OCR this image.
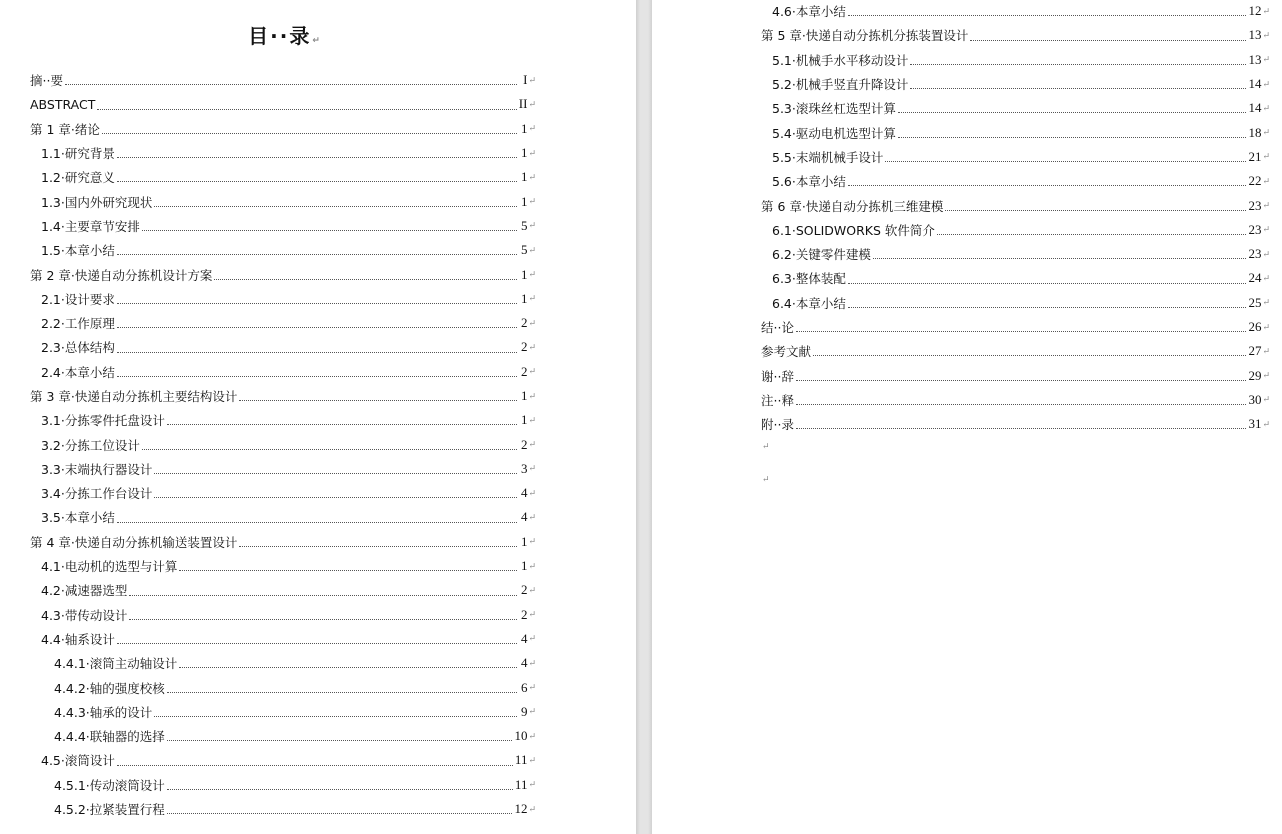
目··录↵
摘··要	I ↵
ABSTRACT	II ↵
第 1 章·绪论	1 ↵
1.1·研究背景	1 ↵
1.2·研究意义	1 ↵
1.3·国内外研究现状	1 ↵
1.4·主要章节安排	5 ↵
1.5·本章小结	5 ↵
第 2 章·快递自动分拣机设计方案	1 ↵
2.1·设计要求	1 ↵
2.2·工作原理	2 ↵
2.3·总体结构	2 ↵
2.4·本章小结	2 ↵
第 3 章·快递自动分拣机主要结构设计	1 ↵
3.1·分拣零件托盘设计	1 ↵
3.2·分拣工位设计	2 ↵
3.3·末端执行器设计	3 ↵
3.4·分拣工作台设计	4 ↵
3.5·本章小结	4 ↵
第 4 章·快递自动分拣机输送装置设计	1 ↵
4.1·电动机的选型与计算	1 ↵
4.2·减速器选型	2 ↵
4.3·带传动设计	2 ↵
4.4·轴系设计	4 ↵
4.4.1·滚筒主动轴设计	4 ↵
4.4.2·轴的强度校核	6 ↵
4.4.3·轴承的设计	9 ↵
4.4.4·联轴器的选择	10 ↵
4.5·滚筒设计	11 ↵
4.5.1·传动滚筒设计	11 ↵
4.5.2·拉紧装置行程	12 ↵
4.6·本章小结	12 ↵
第 5 章·快递自动分拣机分拣装置设计	13 ↵
5.1·机械手水平移动设计	13 ↵
5.2·机械手竖直升降设计	14 ↵
5.3·滚珠丝杠选型计算	14 ↵
5.4·驱动电机选型计算	18 ↵
5.5·末端机械手设计	21 ↵
5.6·本章小结	22 ↵
第 6 章·快递自动分拣机三维建模	23 ↵
6.1·SOLIDWORKS 软件简介	23 ↵
6.2·关键零件建模	23 ↵
6.3·整体装配	24 ↵
6.4·本章小结	25 ↵
结··论	26 ↵
参考文献	27 ↵
谢··辞	29 ↵
注··释	30 ↵
附··录	31 ↵
↵
↵
